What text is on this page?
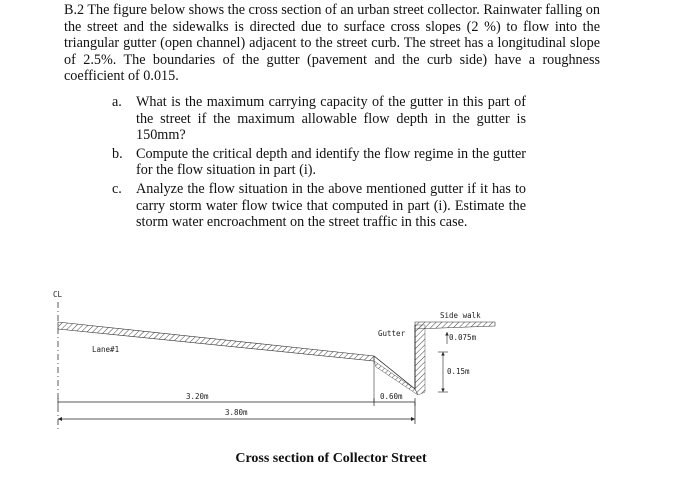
B.2 The figure below shows the cross section of an urban street collector. Rainwater falling on the street and the sidewalks is directed due to surface cross slopes (2 %) to flow into the triangular gutter (open channel) adjacent to the street curb. The street has a longitudinal slope of 2.5%. The boundaries of the gutter (pavement and the curb side) have a roughness coefficient of 0.015.

a. What is the maximum carrying capacity of the gutter in this part of the street if the maximum allowable flow depth in the gutter is 150mm?
b. Compute the critical depth and identify the flow regime in the gutter for the flow situation in part (i).
c. Analyze the flow situation in the above mentioned gutter if it has to carry storm water flow twice that computed in part (i). Estimate the storm water encroachment on the street traffic in this case.
CL
Lane#1
Gutter
Side walk
0.075m
0.15m
3.20m	0.60m
3.80m
Cross section of Collector Street
